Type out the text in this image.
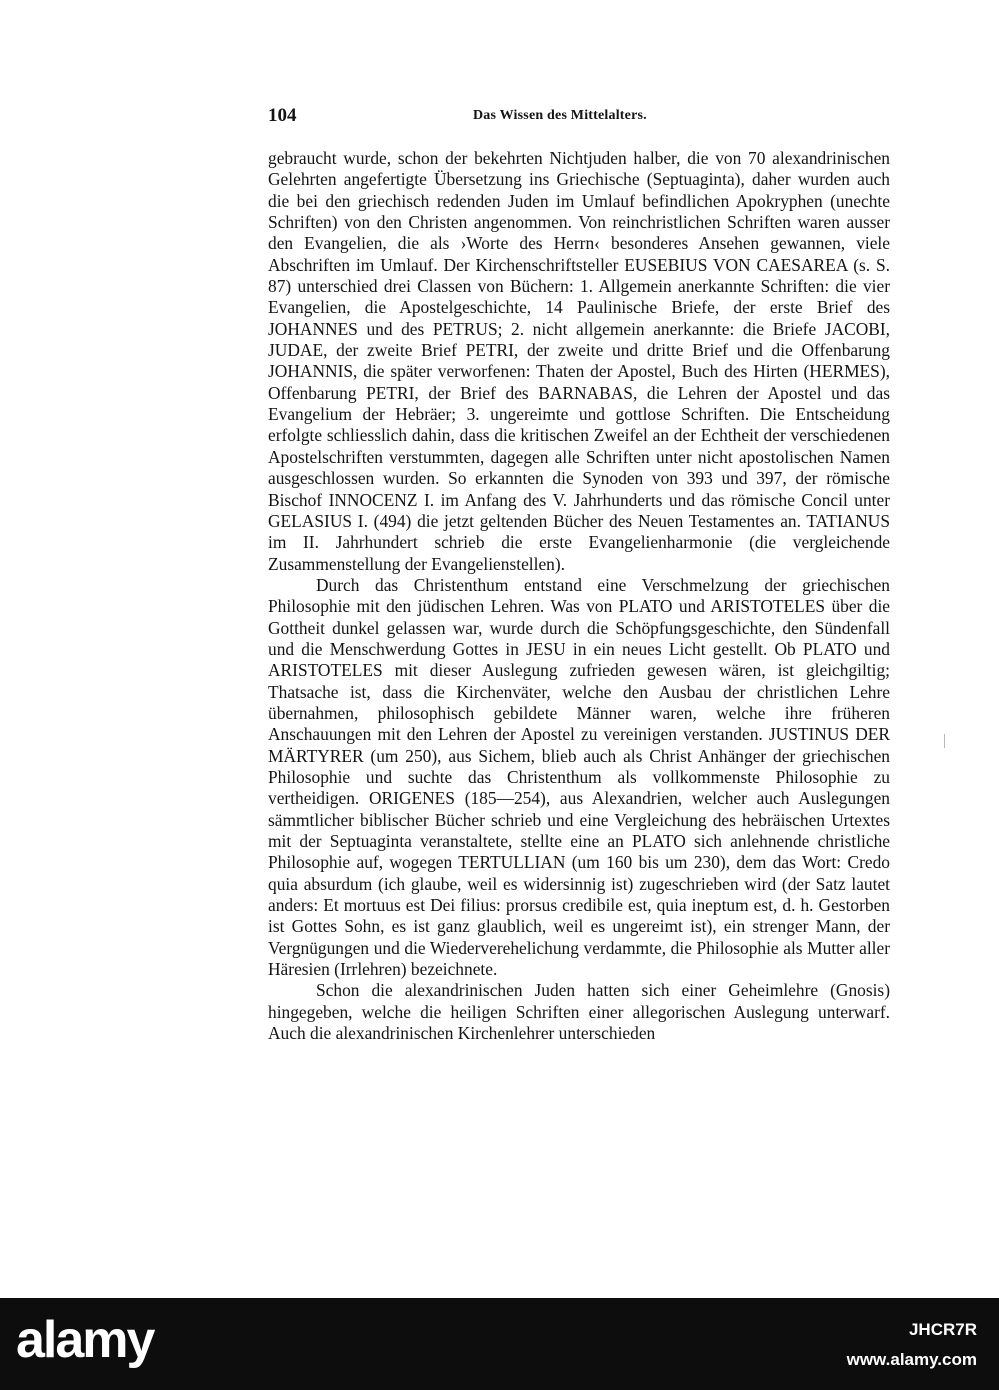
104	Das Wissen des Mittelalters.

gebraucht wurde, schon der bekehrten Nichtjuden halber, die von 70 alexandrinischen Gelehrten angefertigte Übersetzung ins Griechische (Septuaginta), daher wurden auch die bei den griechisch redenden Juden im Umlauf befindlichen Apokryphen (unechte Schriften) von den Christen angenommen. Von reinchristlichen Schriften waren ausser den Evangelien, die als ›Worte des Herrn‹ besonderes Ansehen gewannen, viele Abschriften im Umlauf. Der Kirchenschriftsteller EUSEBIUS VON CAESAREA (s. S. 87) unterschied drei Classen von Büchern: 1. Allgemein anerkannte Schriften: die vier Evangelien, die Apostelgeschichte, 14 Paulinische Briefe, der erste Brief des JOHANNES und des PETRUS; 2. nicht allgemein anerkannte: die Briefe JACOBI, JUDAE, der zweite Brief PETRI, der zweite und dritte Brief und die Offenbarung JOHANNIS, die später verworfenen: Thaten der Apostel, Buch des Hirten (HERMES), Offenbarung PETRI, der Brief des BARNABAS, die Lehren der Apostel und das Evangelium der Hebräer; 3. ungereimte und gottlose Schriften. Die Entscheidung erfolgte schliesslich dahin, dass die kritischen Zweifel an der Echtheit der verschiedenen Apostelschriften verstummten, dagegen alle Schriften unter nicht apostolischen Namen ausgeschlossen wurden. So erkannten die Synoden von 393 und 397, der römische Bischof INNOCENZ I. im Anfang des V. Jahrhunderts und das römische Concil unter GELASIUS I. (494) die jetzt geltenden Bücher des Neuen Testamentes an. TATIANUS im II. Jahrhundert schrieb die erste Evangelienharmonie (die vergleichende Zusammenstellung der Evangelienstellen).

Durch das Christenthum entstand eine Verschmelzung der griechischen Philosophie mit den jüdischen Lehren. Was von PLATO und ARISTOTELES über die Gottheit dunkel gelassen war, wurde durch die Schöpfungsgeschichte, den Sündenfall und die Menschwerdung Gottes in JESU in ein neues Licht gestellt. Ob PLATO und ARISTOTELES mit dieser Auslegung zufrieden gewesen wären, ist gleichgiltig; Thatsache ist, dass die Kirchenväter, welche den Ausbau der christlichen Lehre übernahmen, philosophisch gebildete Männer waren, welche ihre früheren Anschauungen mit den Lehren der Apostel zu vereinigen verstanden. JUSTINUS DER MÄRTYRER (um 250), aus Sichem, blieb auch als Christ Anhänger der griechischen Philosophie und suchte das Christenthum als vollkommenste Philosophie zu vertheidigen. ORIGENES (185—254), aus Alexandrien, welcher auch Auslegungen sämmtlicher biblischer Bücher schrieb und eine Vergleichung des hebräischen Urtextes mit der Septuaginta veranstaltete, stellte eine an PLATO sich anlehnende christliche Philosophie auf, wogegen TERTULLIAN (um 160 bis um 230), dem das Wort: Credo quia absurdum (ich glaube, weil es widersinnig ist) zugeschrieben wird (der Satz lautet anders: Et mortuus est Dei filius: prorsus credibile est, quia ineptum est, d. h. Gestorben ist Gottes Sohn, es ist ganz glaublich, weil es ungereimt ist), ein strenger Mann, der Vergnügungen und die Wiederverehelichung verdammte, die Philosophie als Mutter aller Häresien (Irrlehren) bezeichnete.

Schon die alexandrinischen Juden hatten sich einer Geheimlehre (Gnosis) hingegeben, welche die heiligen Schriften einer allegorischen Auslegung unterwarf. Auch die alexandrinischen Kirchenlehrer unterschieden

alamy	JHCR7R
www.alamy.com
